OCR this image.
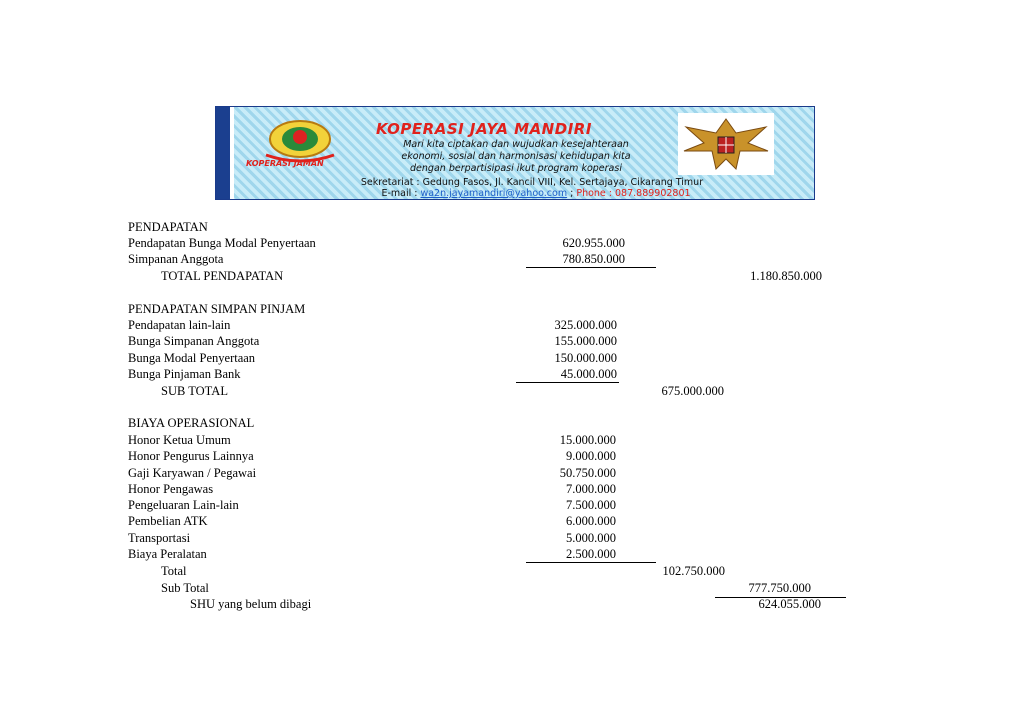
KOPERASI JAMAN
KOPERASI JAYA MANDIRI
Mari kita ciptakan dan wujudkan kesejahteraan
ekonomi, sosial dan harmonisasi kehidupan kita
dengan berpartisipasi ikut program koperasi
Sekretariat : Gedung Fasos, Jl. Kancil VIII, Kel. Sertajaya, Cikarang Timur
E-mail : wa2n.jayamandiri@yahoo.com ; Phone : 087.889902801
PENDAPATAN
Pendapatan Bunga Modal Penyertaan	620.955.000
Simpanan Anggota	780.850.000
TOTAL PENDAPATAN	1.180.850.000
PENDAPATAN SIMPAN PINJAM
Pendapatan lain-lain	325.000.000
Bunga Simpanan Anggota	155.000.000
Bunga Modal Penyertaan	150.000.000
Bunga Pinjaman Bank	45.000.000
SUB TOTAL	675.000.000
BIAYA OPERASIONAL
Honor Ketua Umum	15.000.000
Honor Pengurus Lainnya	9.000.000
Gaji Karyawan / Pegawai	50.750.000
Honor Pengawas	7.000.000
Pengeluaran Lain-lain	7.500.000
Pembelian ATK	6.000.000
Transportasi	5.000.000
Biaya Peralatan	2.500.000
Total	102.750.000
Sub Total	777.750.000
SHU yang belum dibagi	624.055.000
